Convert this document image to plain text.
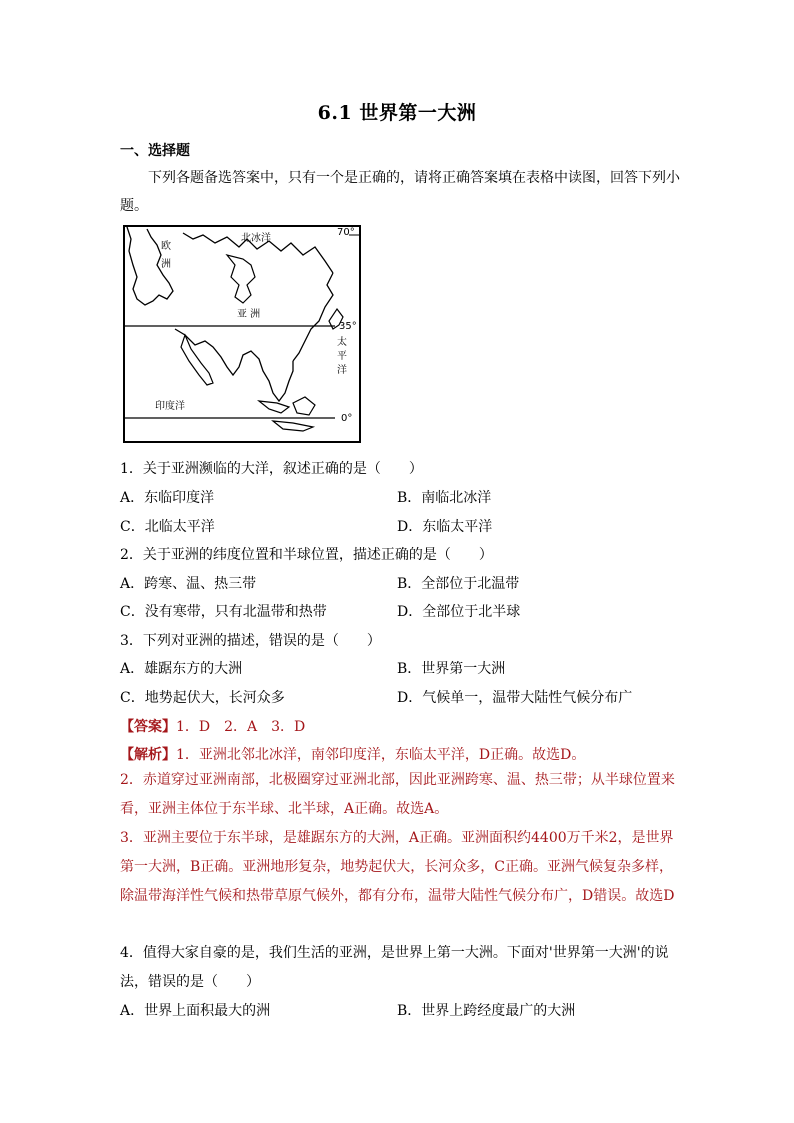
6.1 世界第一大洲
一、选择题
下列各题备选答案中，只有一个是正确的，请将正确答案填在表格中读图，回答下列小题。
欧
洲
北冰洋
亚 洲
太
平
洋
印度洋
70°
35°
0°
1．关于亚洲濒临的大洋，叙述正确的是（　　）
A．东临印度洋	B．南临北冰洋
C．北临太平洋	D．东临太平洋
2．关于亚洲的纬度位置和半球位置，描述正确的是（　　）
A．跨寒、温、热三带	B．全部位于北温带
C．没有寒带，只有北温带和热带	D．全部位于北半球
3．下列对亚洲的描述，错误的是（　　）
A．雄踞东方的大洲	B．世界第一大洲
C．地势起伏大，长河众多	D．气候单一，温带大陆性气候分布广
【答案】1．D　2．A　3．D
【解析】1．亚洲北邻北冰洋，南邻印度洋，东临太平洋，D正确。故选D。
2．赤道穿过亚洲南部，北极圈穿过亚洲北部，因此亚洲跨寒、温、热三带；从半球位置来看，亚洲主体位于东半球、北半球，A正确。故选A。
3．亚洲主要位于东半球，是雄踞东方的大洲，A正确。亚洲面积约4400万千米2，是世界第一大洲，B正确。亚洲地形复杂，地势起伏大，长河众多，C正确。亚洲气候复杂多样，除温带海洋性气候和热带草原气候外，都有分布，温带大陆性气候分布广，D错误。故选D
4．值得大家自豪的是，我们生活的亚洲，是世界上第一大洲。下面对'世界第一大洲'的说法，错误的是（　　）
A．世界上面积最大的洲	B．世界上跨经度最广的大洲
